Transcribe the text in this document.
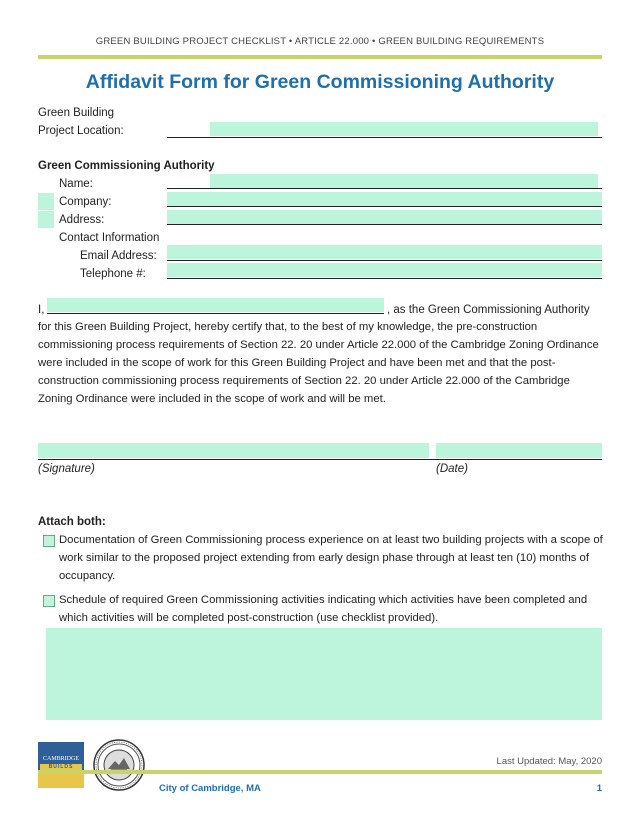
GREEN BUILDING PROJECT CHECKLIST • ARTICLE 22.000 • GREEN BUILDING REQUIREMENTS
Affidavit Form for Green Commissioning Authority
Green Building
Project Location:
Green Commissioning Authority
Name:
Company:
Address:
Contact Information
Email Address:
Telephone #:
I,	, as the Green Commissioning Authority
for this Green Building Project, hereby certify that, to the best of my knowledge, the pre-construction commissioning process requirements of Section 22. 20 under Article 22.000 of the Cambridge Zoning Ordinance were included in the scope of work for this Green Building Project and have been met and that the post-construction commissioning process requirements of Section 22. 20 under Article 22.000 of the Cambridge Zoning Ordinance were included in the scope of work and will be met.
(Signature)	(Date)
Attach both:
Documentation of Green Commissioning process experience on at least two building projects with a scope of work similar to the proposed project extending from early design phase through at least ten (10) months of occupancy.
Schedule of required Green Commissioning activities indicating which activities have been completed and which activities will be completed post-construction (use checklist provided).
CAMBRIDGE
BUILDS	Last Updated: May, 2020
City of Cambridge, MA	1
